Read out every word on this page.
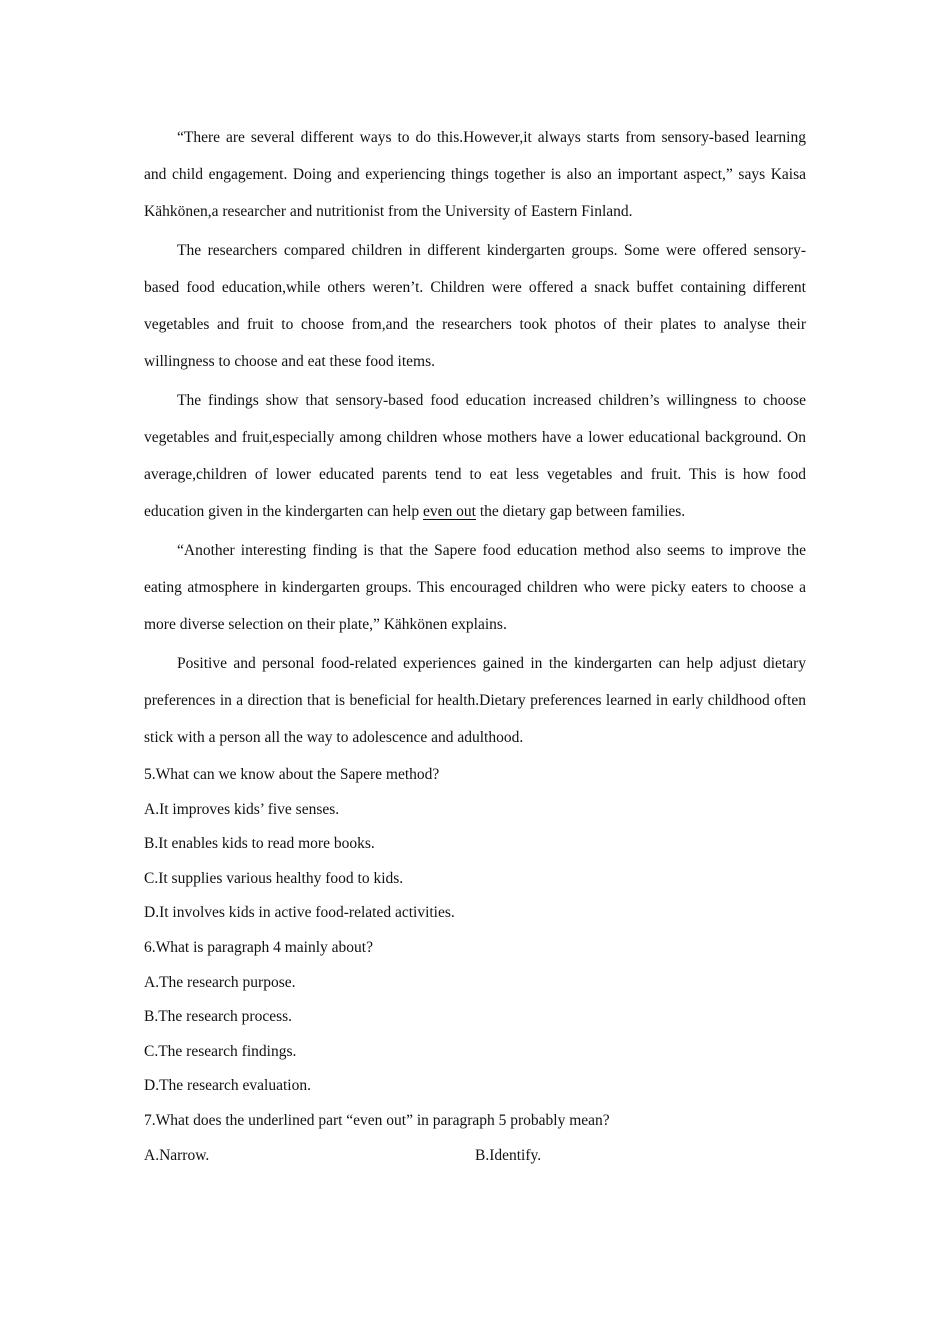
“There are several different ways to do this.However,it always starts from sensory-based learning and child engagement. Doing and experiencing things together is also an important aspect,” says Kaisa Kähkönen,a researcher and nutritionist from the University of Eastern Finland.

The researchers compared children in different kindergarten groups. Some were offered sensory-based food education,while others weren’t. Children were offered a snack buffet containing different vegetables and fruit to choose from,and the researchers took photos of their plates to analyse their willingness to choose and eat these food items.

The findings show that sensory-based food education increased children’s willingness to choose vegetables and fruit,especially among children whose mothers have a lower educational background. On average,children of lower educated parents tend to eat less vegetables and fruit. This is how food education given in the kindergarten can help even out the dietary gap between families.

“Another interesting finding is that the Sapere food education method also seems to improve the eating atmosphere in kindergarten groups. This encouraged children who were picky eaters to choose a more diverse selection on their plate,” Kähkönen explains.

Positive and personal food-related experiences gained in the kindergarten can help adjust dietary preferences in a direction that is beneficial for health.Dietary preferences learned in early childhood often stick with a person all the way to adolescence and adulthood.

5.What can we know about the Sapere method?

A.It improves kids’ five senses.

B.It enables kids to read more books.

C.It supplies various healthy food to kids.

D.It involves kids in active food-related activities.

6.What is paragraph 4 mainly about?

A.The research purpose.

B.The research process.

C.The research findings.

D.The research evaluation.

7.What does the underlined part “even out” in paragraph 5 probably mean?

A.Narrow.	B.Identify.
